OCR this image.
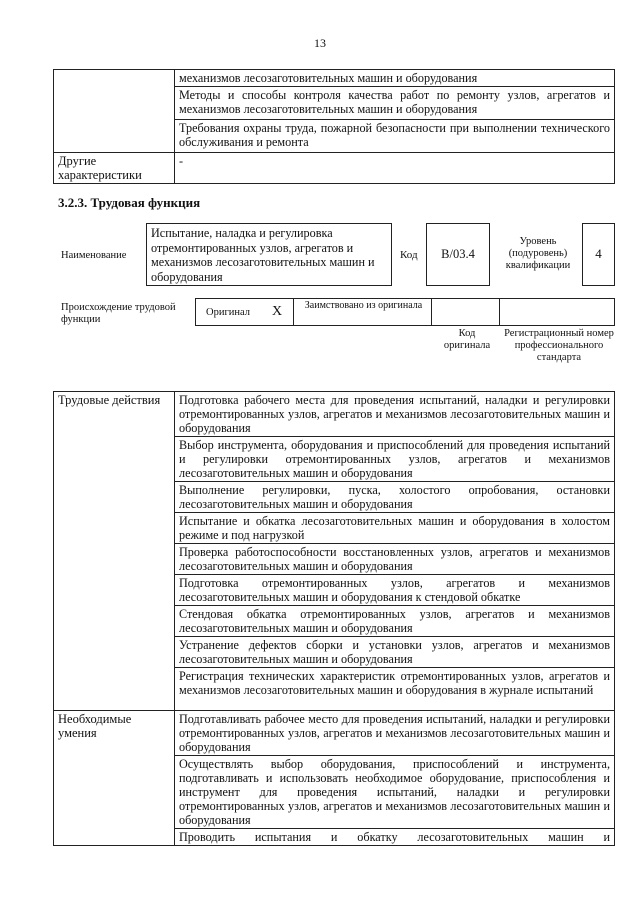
13
	механизмов лесозаготовительных машин и оборудования
	Методы и способы контроля качества работ по ремонту узлов, агрегатов и механизмов лесозаготовительных машин и оборудования
	Требования охраны труда, пожарной безопасности при выполнении технического обслуживания и ремонта
Другие характеристики	-
3.2.3. Трудовая функция
Наименование
Испытание, наладка и регулировка отремонтированных узлов, агрегатов и механизмов лесозаготовительных машин и оборудования
Код	B/03.4
Уровень (подуровень) квалификации
4
Происхождение трудовой функции
Оригинал X	Заимствовано из оригинала
Код оригинала
Регистрационный номер профессионального стандарта
Трудовые действия	Подготовка рабочего места для проведения испытаний, наладки и регулировки отремонтированных узлов, агрегатов и механизмов лесозаготовительных машин и оборудования
	Выбор инструмента, оборудования и приспособлений для проведения испытаний и регулировки отремонтированных узлов, агрегатов и механизмов лесозаготовительных машин и оборудования
	Выполнение регулировки, пуска, холостого опробования, остановки лесозаготовительных машин и оборудования
	Испытание и обкатка лесозаготовительных машин и оборудования в холостом режиме и под нагрузкой
	Проверка работоспособности восстановленных узлов, агрегатов и механизмов лесозаготовительных машин и оборудования
	Подготовка отремонтированных узлов, агрегатов и механизмов лесозаготовительных машин и оборудования к стендовой обкатке
	Стендовая обкатка отремонтированных узлов, агрегатов и механизмов лесозаготовительных машин и оборудования
	Устранение дефектов сборки и установки узлов, агрегатов и механизмов лесозаготовительных машин и оборудования
	Регистрация технических характеристик отремонтированных узлов, агрегатов и механизмов лесозаготовительных машин и оборудования в журнале испытаний
Необходимые умения	Подготавливать рабочее место для проведения испытаний, наладки и регулировки отремонтированных узлов, агрегатов и механизмов лесозаготовительных машин и оборудования
	Осуществлять выбор оборудования, приспособлений и инструмента, подготавливать и использовать необходимое оборудование, приспособления и инструмент для проведения испытаний, наладки и регулировки отремонтированных узлов, агрегатов и механизмов лесозаготовительных машин и оборудования
	Проводить испытания и обкатку лесозаготовительных машин и
